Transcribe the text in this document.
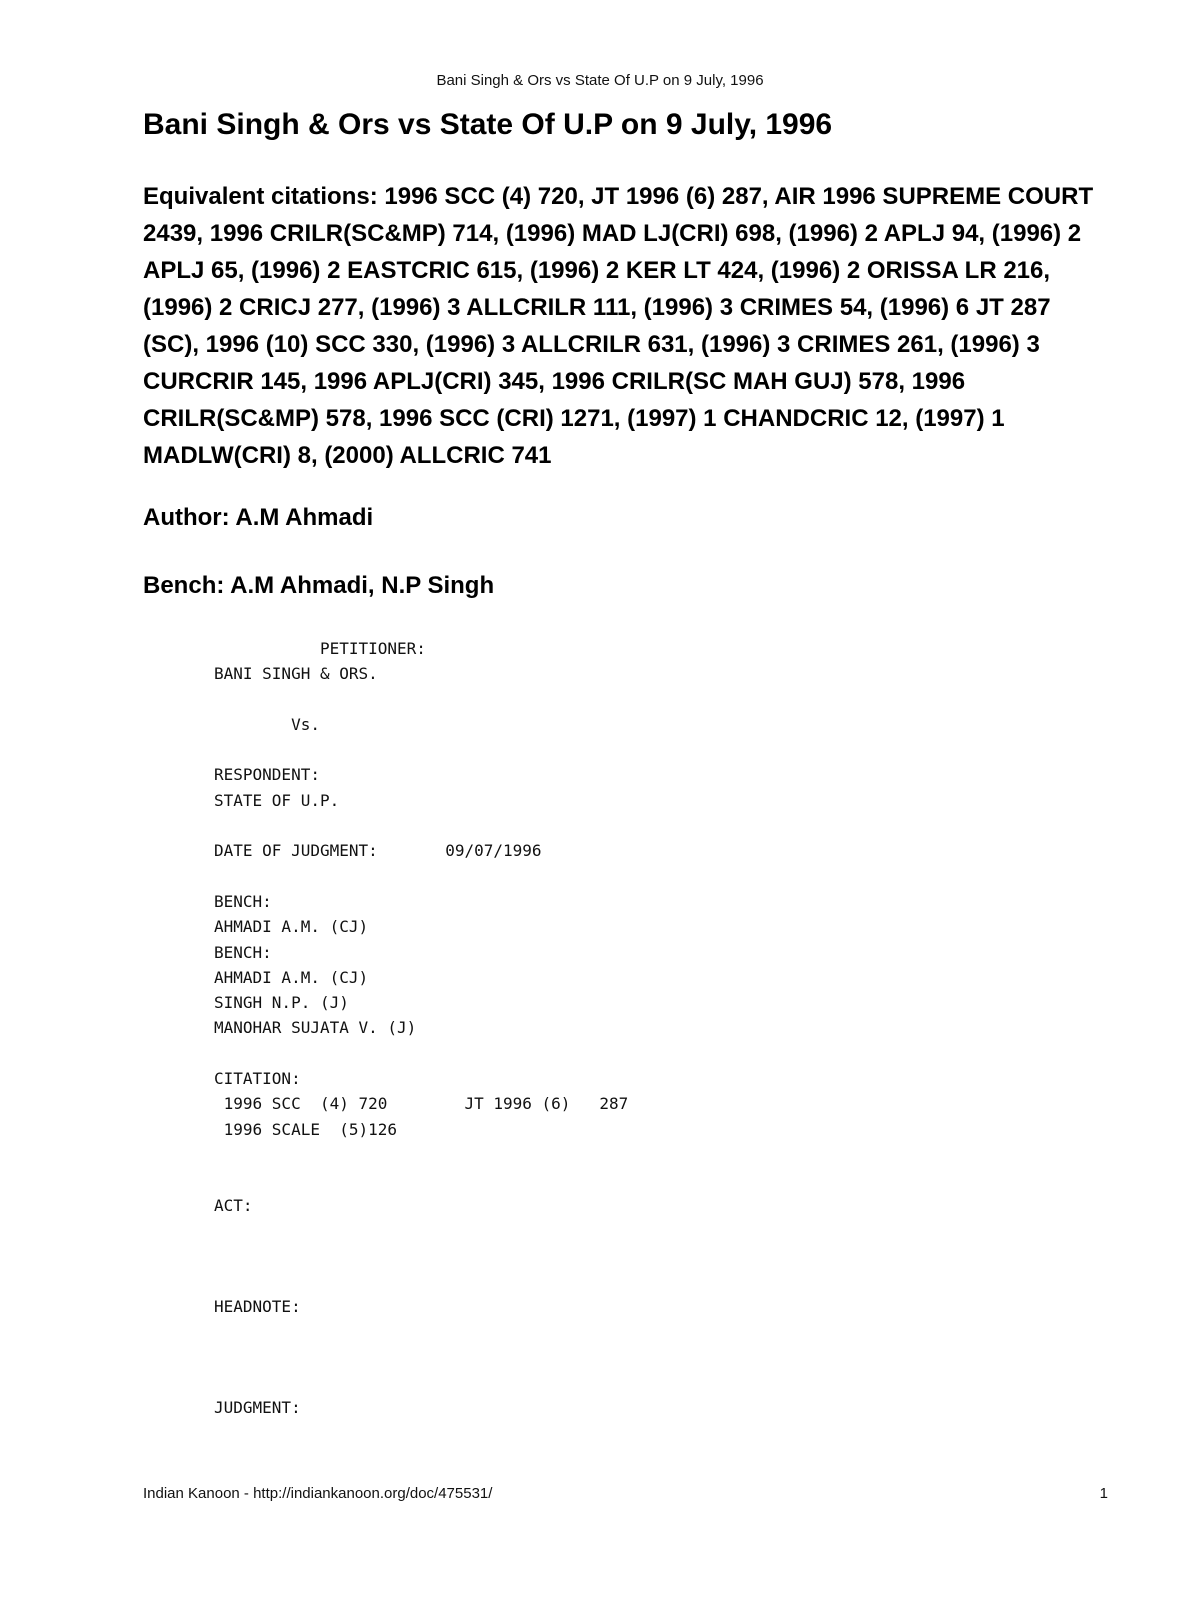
Bani Singh & Ors vs State Of U.P on 9 July, 1996
Bani Singh & Ors vs State Of U.P on 9 July, 1996

Equivalent citations: 1996 SCC (4) 720, JT 1996 (6) 287, AIR 1996 SUPREME COURT 2439, 1996 CRILR(SC&MP) 714, (1996) MAD LJ(CRI) 698, (1996) 2 APLJ 94, (1996) 2 APLJ 65, (1996) 2 EASTCRIC 615, (1996) 2 KER LT 424, (1996) 2 ORISSA LR 216, (1996) 2 CRICJ 277, (1996) 3 ALLCRILR 111, (1996) 3 CRIMES 54, (1996) 6 JT 287 (SC), 1996 (10) SCC 330, (1996) 3 ALLCRILR 631, (1996) 3 CRIMES 261, (1996) 3 CURCRIR 145, 1996 APLJ(CRI) 345, 1996 CRILR(SC MAH GUJ) 578, 1996 CRILR(SC&MP) 578, 1996 SCC (CRI) 1271, (1997) 1 CHANDCRIC 12, (1997) 1 MADLW(CRI) 8, (2000) ALLCRIC 741

Author: A.M Ahmadi

Bench: A.M Ahmadi, N.P Singh

PETITIONER:
BANI SINGH & ORS.

Vs.

RESPONDENT:
STATE OF U.P.

DATE OF JUDGMENT:       09/07/1996

BENCH:
AHMADI A.M. (CJ)
BENCH:
AHMADI A.M. (CJ)
SINGH N.P. (J)
MANOHAR SUJATA V. (J)

CITATION:
1996 SCC  (4) 720        JT 1996 (6)   287
1996 SCALE  (5)126

ACT:

HEADNOTE:

JUDGMENT:
Indian Kanoon - http://indiankanoon.org/doc/475531/	1
